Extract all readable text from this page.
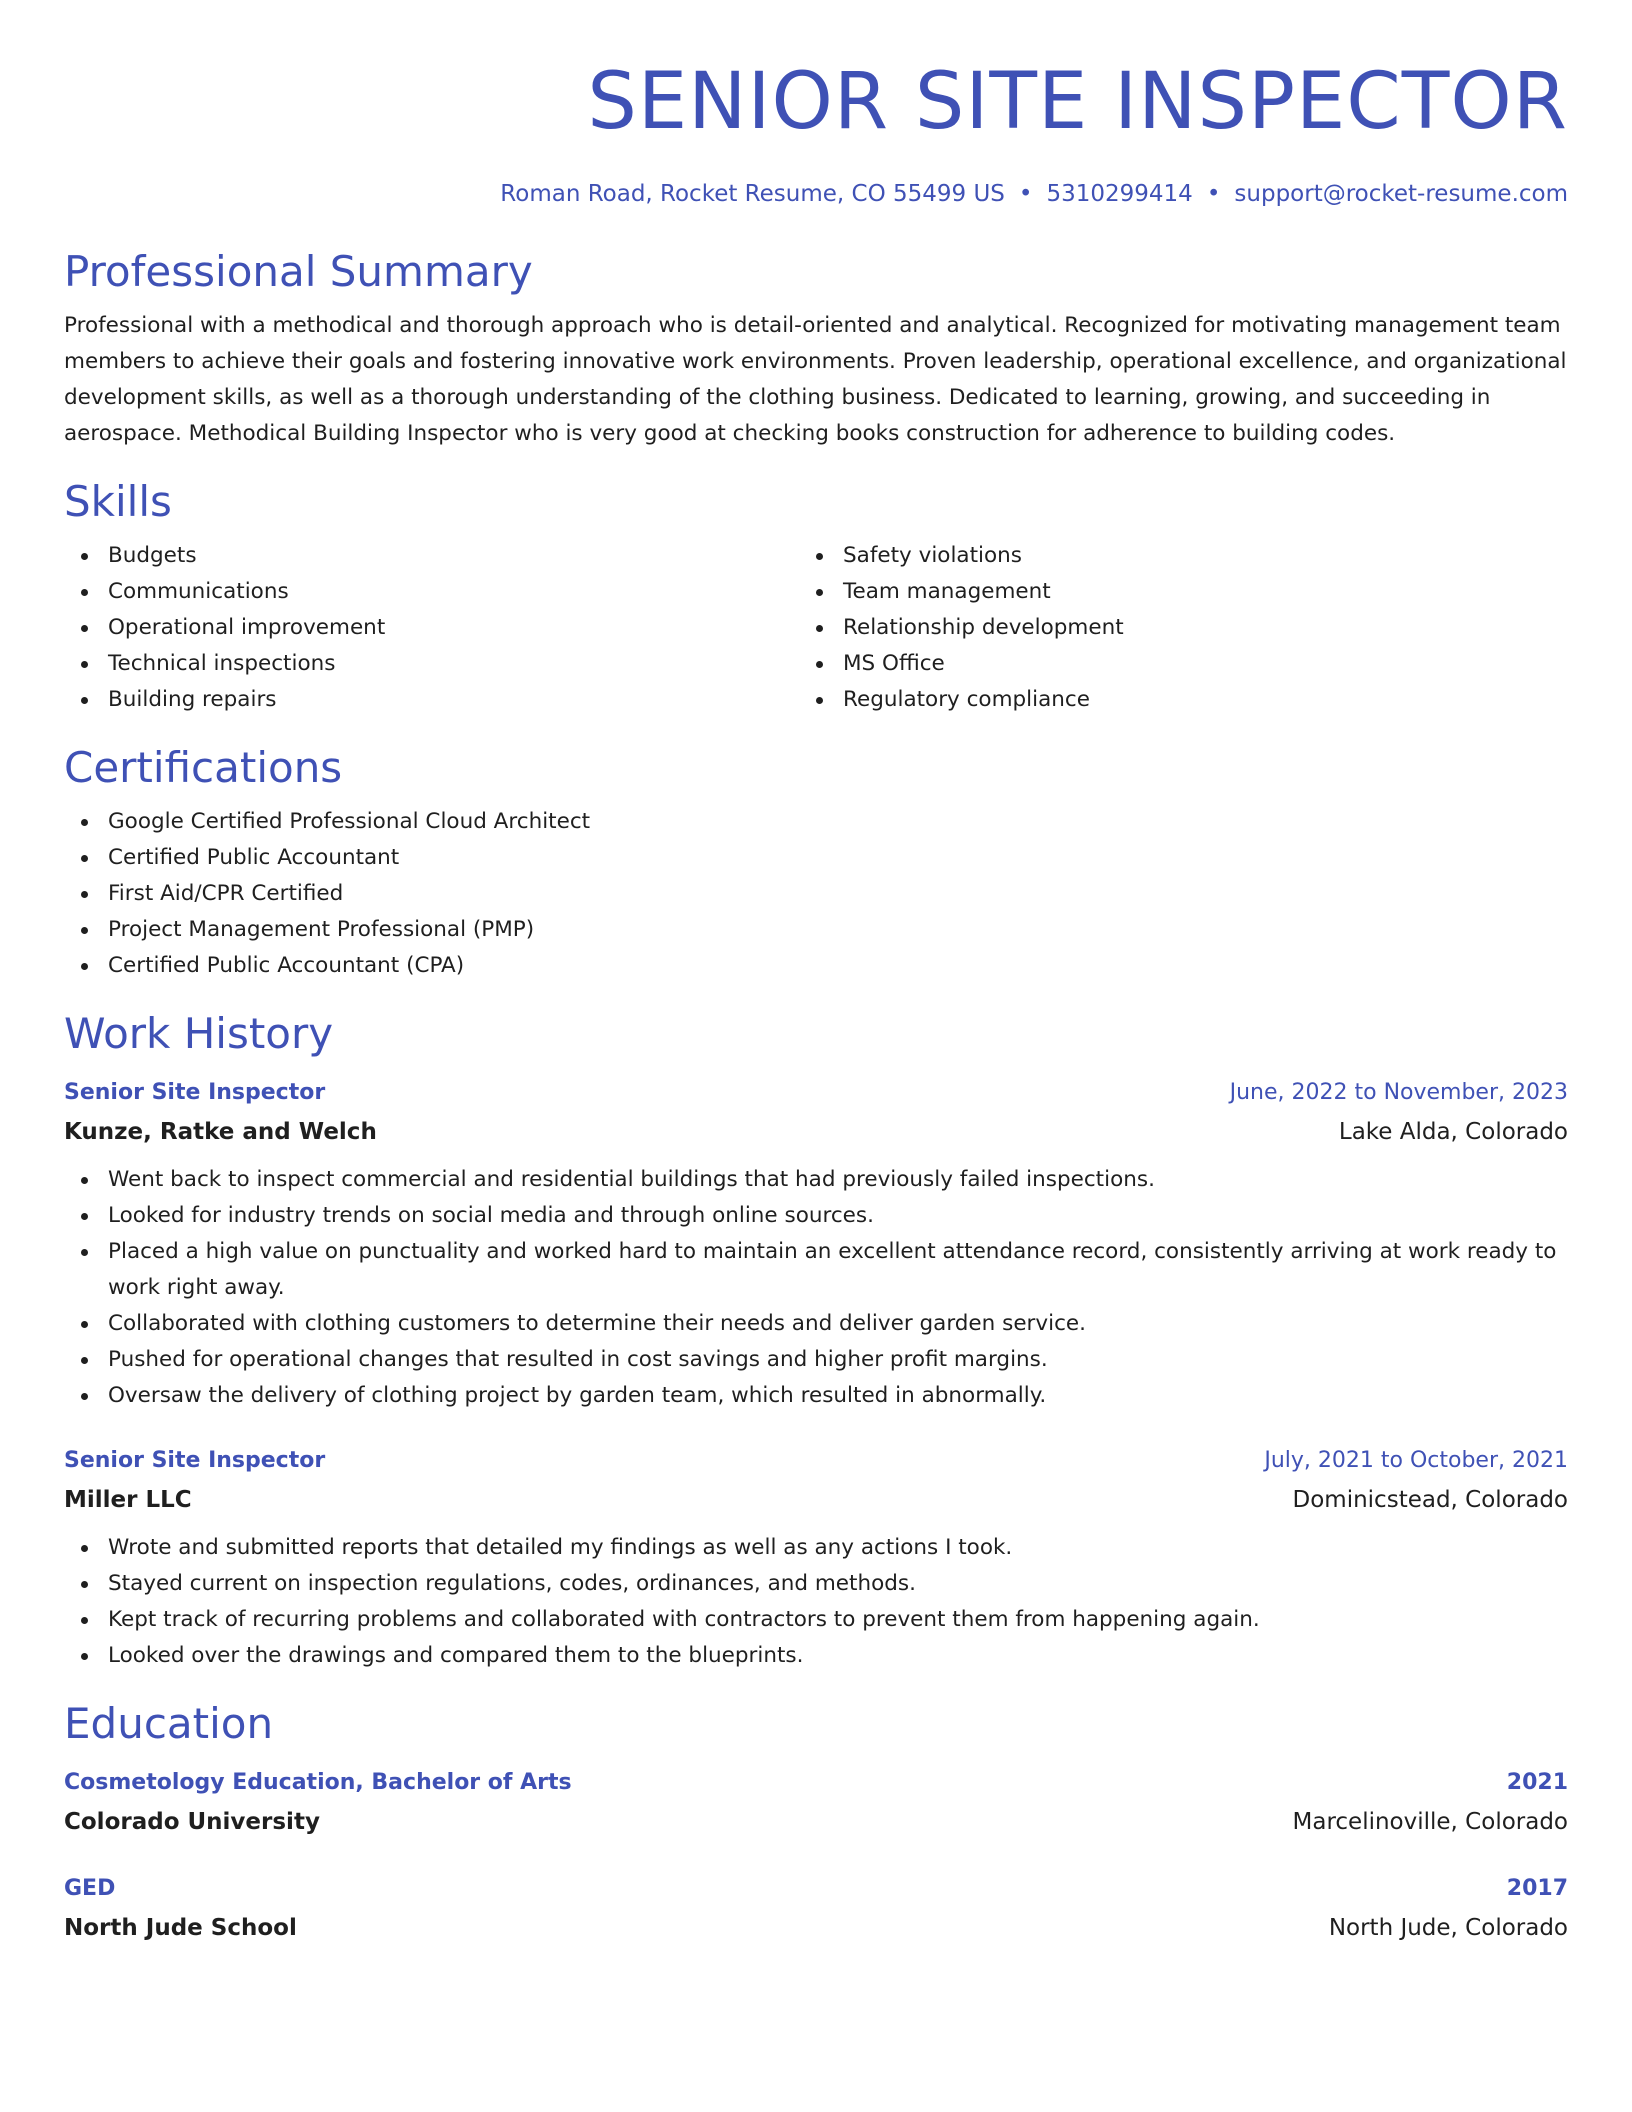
SENIOR SITE INSPECTOR
Roman Road, Rocket Resume, CO 55499 US • 5310299414 • support@rocket-resume.com
Professional Summary

Professional with a methodical and thorough approach who is detail-oriented and analytical. Recognized for motivating management team members to achieve their goals and fostering innovative work environments. Proven leadership, operational excellence, and organizational development skills, as well as a thorough understanding of the clothing business. Dedicated to learning, growing, and succeeding in aerospace. Methodical Building Inspector who is very good at checking books construction for adherence to building codes.

Skills
Budgets
Communications
Operational improvement
Technical inspections
Building repairs
Safety violations
Team management
Relationship development
MS Office
Regulatory compliance
Certifications
Google Certified Professional Cloud Architect
Certified Public Accountant
First Aid/CPR Certified
Project Management Professional (PMP)
Certified Public Accountant (CPA)
Work History
Senior Site Inspector	June, 2022 to November, 2023
Kunze, Ratke and Welch	Lake Alda, Colorado
Went back to inspect commercial and residential buildings that had previously failed inspections.
Looked for industry trends on social media and through online sources.
Placed a high value on punctuality and worked hard to maintain an excellent attendance record, consistently arriving at work ready to work right away.
Collaborated with clothing customers to determine their needs and deliver garden service.
Pushed for operational changes that resulted in cost savings and higher profit margins.
Oversaw the delivery of clothing project by garden team, which resulted in abnormally.
Senior Site Inspector	July, 2021 to October, 2021
Miller LLC	Dominicstead, Colorado
Wrote and submitted reports that detailed my findings as well as any actions I took.
Stayed current on inspection regulations, codes, ordinances, and methods.
Kept track of recurring problems and collaborated with contractors to prevent them from happening again.
Looked over the drawings and compared them to the blueprints.
Education
Cosmetology Education, Bachelor of Arts	2021
Colorado University	Marcelinoville, Colorado
GED	2017
North Jude School	North Jude, Colorado
